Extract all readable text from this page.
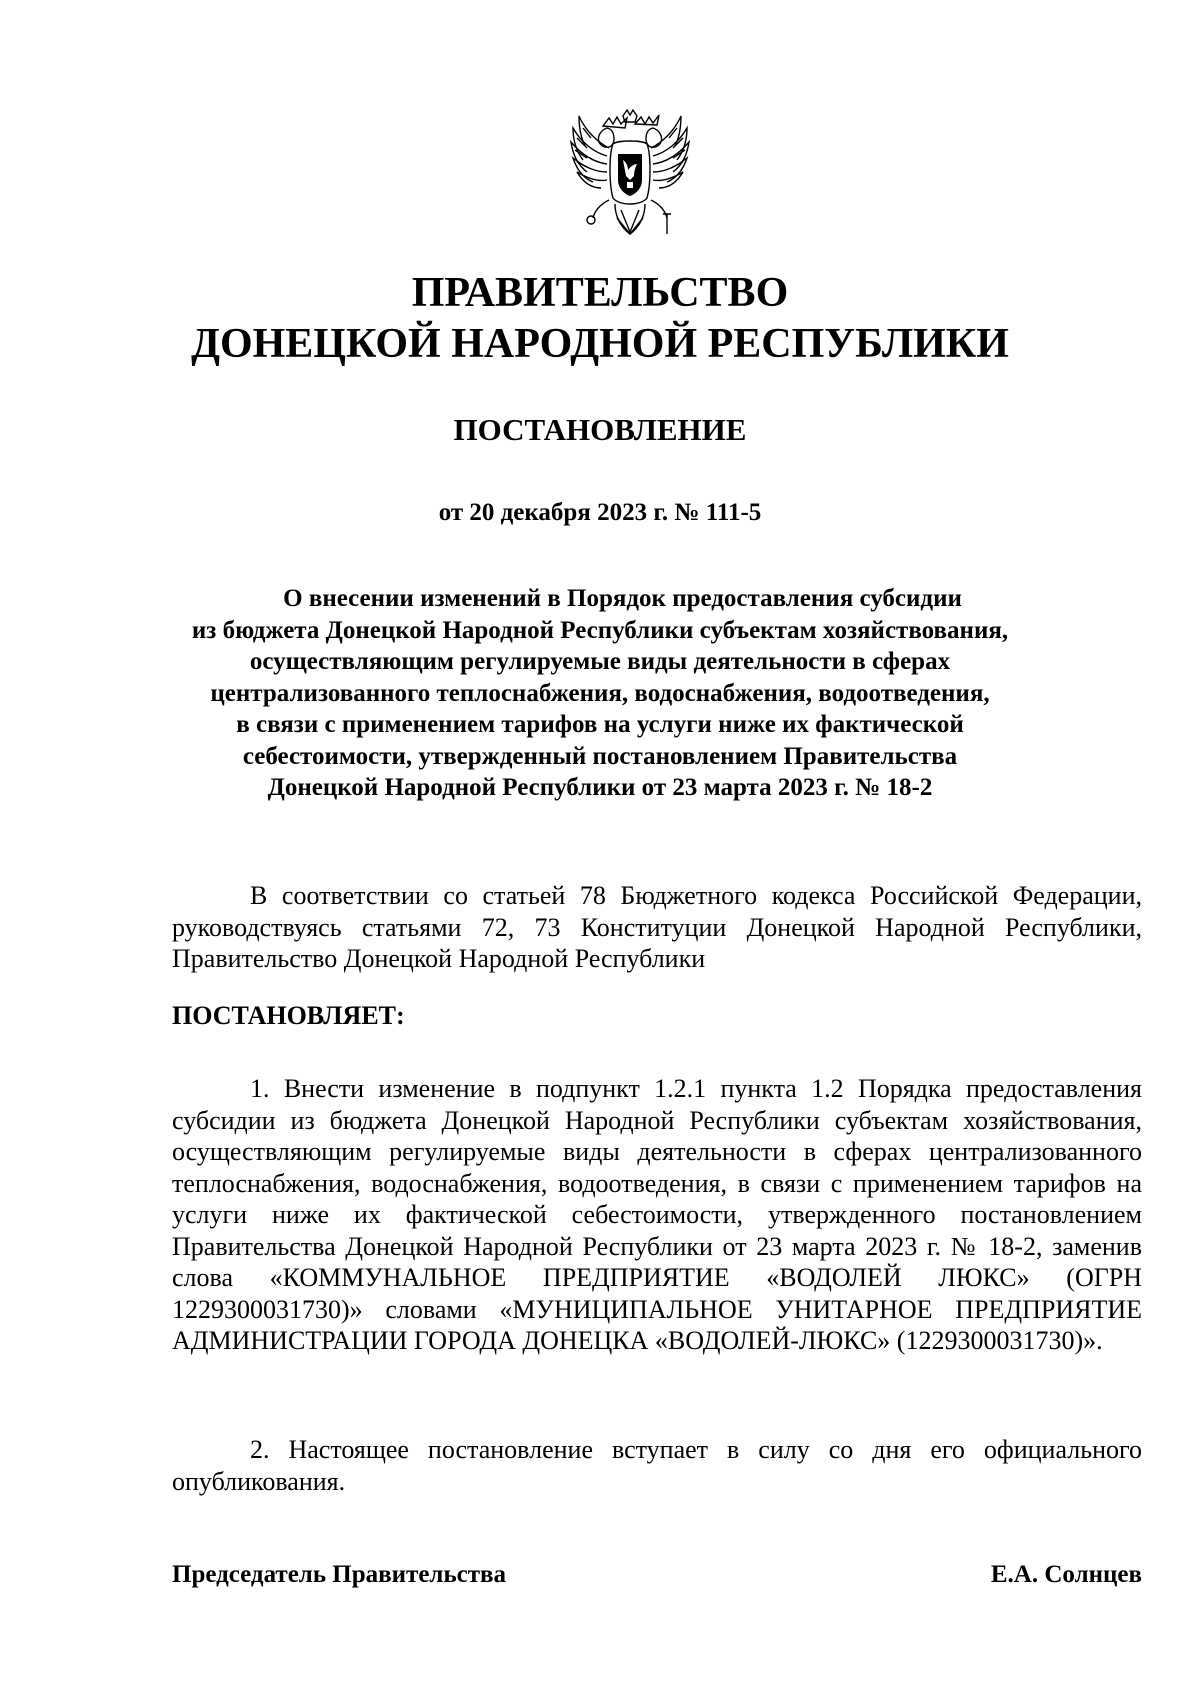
ПРАВИТЕЛЬСТВО
ДОНЕЦКОЙ НАРОДНОЙ РЕСПУБЛИКИ
ПОСТАНОВЛЕНИЕ
от 20 декабря 2023 г. № 111-5
О внесении изменений в Порядок предоставления субсидии
из бюджета Донецкой Народной Республики субъектам хозяйствования,
осуществляющим регулируемые виды деятельности в сферах
централизованного теплоснабжения, водоснабжения, водоотведения,
в связи с применением тарифов на услуги ниже их фактической
себестоимости, утвержденный постановлением Правительства
Донецкой Народной Республики от 23 марта 2023 г. № 18-2
В соответствии со статьей 78 Бюджетного кодекса Российской Федерации, руководствуясь статьями 72, 73 Конституции Донецкой Народной Республики, Правительство Донецкой Народной Республики
ПОСТАНОВЛЯЕТ:
1. Внести изменение в подпункт 1.2.1 пункта 1.2 Порядка предоставления субсидии из бюджета Донецкой Народной Республики субъектам хозяйствования, осуществляющим регулируемые виды деятельности в сферах централизованного теплоснабжения, водоснабжения, водоотведения, в связи с применением тарифов на услуги ниже их фактической себестоимости, утвержденного постановлением Правительства Донецкой Народной Республики от 23 марта 2023 г. № 18-2, заменив слова «КОММУНАЛЬНОЕ ПРЕДПРИЯТИЕ «ВОДОЛЕЙ ЛЮКС» (ОГРН 1229300031730)» словами «МУНИЦИПАЛЬНОЕ УНИТАРНОЕ ПРЕДПРИЯТИЕ АДМИНИСТРАЦИИ ГОРОДА ДОНЕЦКА «ВОДОЛЕЙ-ЛЮКС» (1229300031730)».
2. Настоящее постановление вступает в силу со дня его официального опубликования.
Председатель Правительства	Е.А. Солнцев
